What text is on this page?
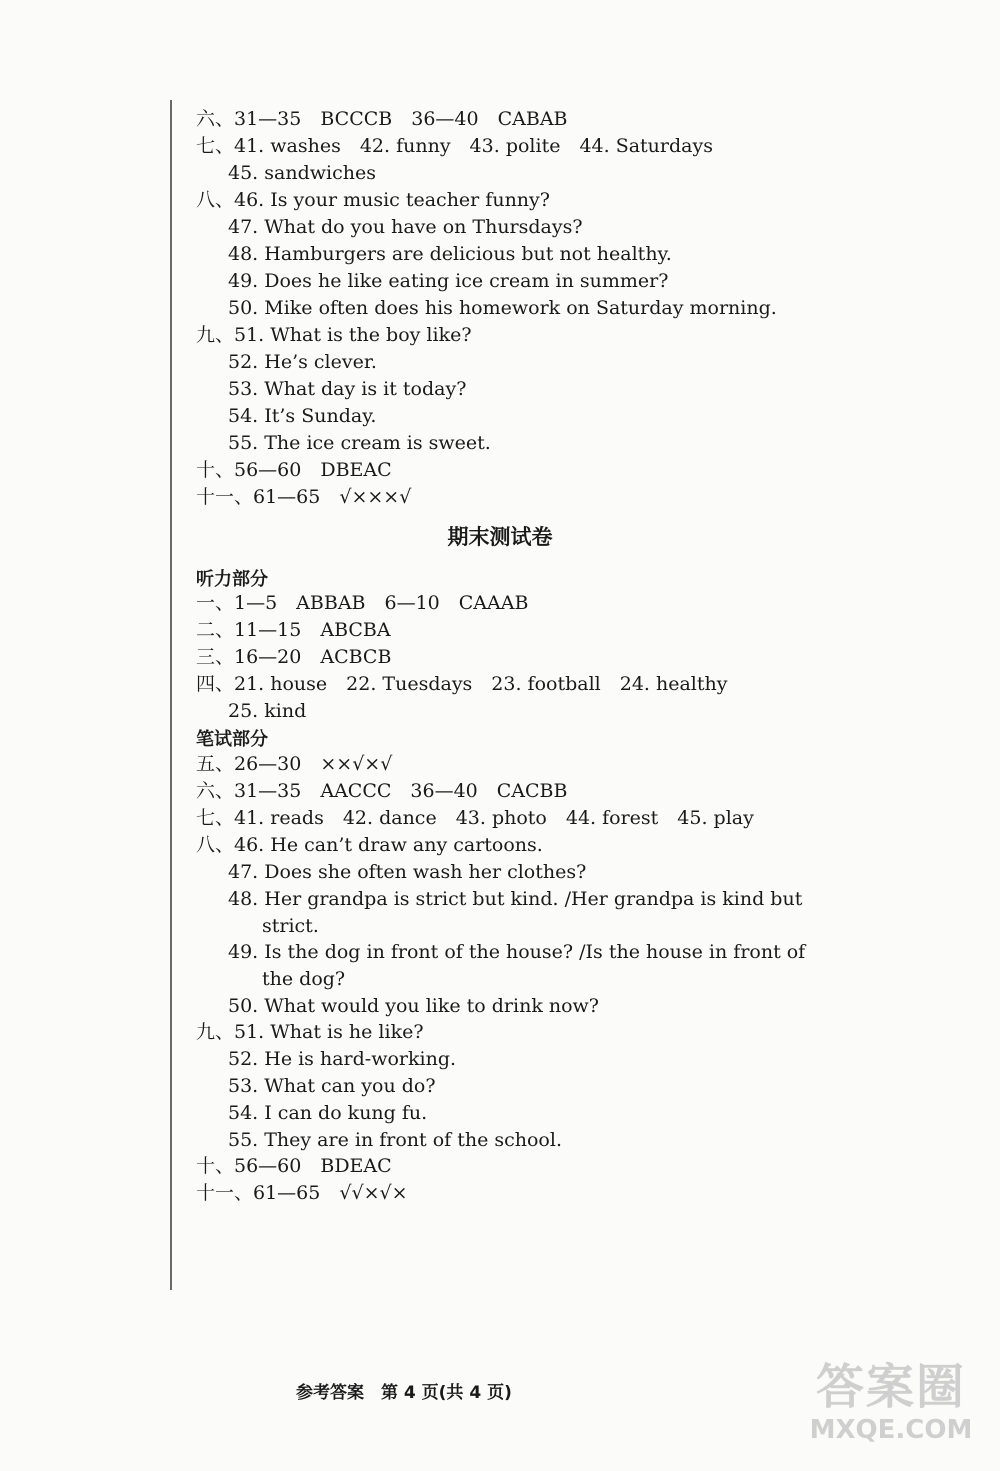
六、31—35　BCCCB　36—40　CABAB
七、41. washes　42. funny　43. polite　44. Saturdays
45. sandwiches
八、46. Is your music teacher funny?
47. What do you have on Thursdays?
48. Hamburgers are delicious but not healthy.
49. Does he like eating ice cream in summer?
50. Mike often does his homework on Saturday morning.
九、51. What is the boy like?
52. He’s clever.
53. What day is it today?
54. It’s Sunday.
55. The ice cream is sweet.
十、56—60　DBEAC
十一、61—65　√×××√
期末测试卷
听力部分
一、1—5　ABBAB　6—10　CAAAB
二、11—15　ABCBA
三、16—20　ACBCB
四、21. house　22. Tuesdays　23. football　24. healthy
25. kind
笔试部分
五、26—30　××√×√
六、31—35　AACCC　36—40　CACBB
七、41. reads　42. dance　43. photo　44. forest　45. play
八、46. He can’t draw any cartoons.
47. Does she often wash her clothes?
48. Her grandpa is strict but kind. /Her grandpa is kind but
strict.
49. Is the dog in front of the house? /Is the house in front of
the dog?
50. What would you like to drink now?
九、51. What is he like?
52. He is hard-working.
53. What can you do?
54. I can do kung fu.
55. They are in front of the school.
十、56—60　BDEAC
十一、61—65　√√×√×
参考答案　第 4 页(共 4 页)	答案圈
MXQE.COM
